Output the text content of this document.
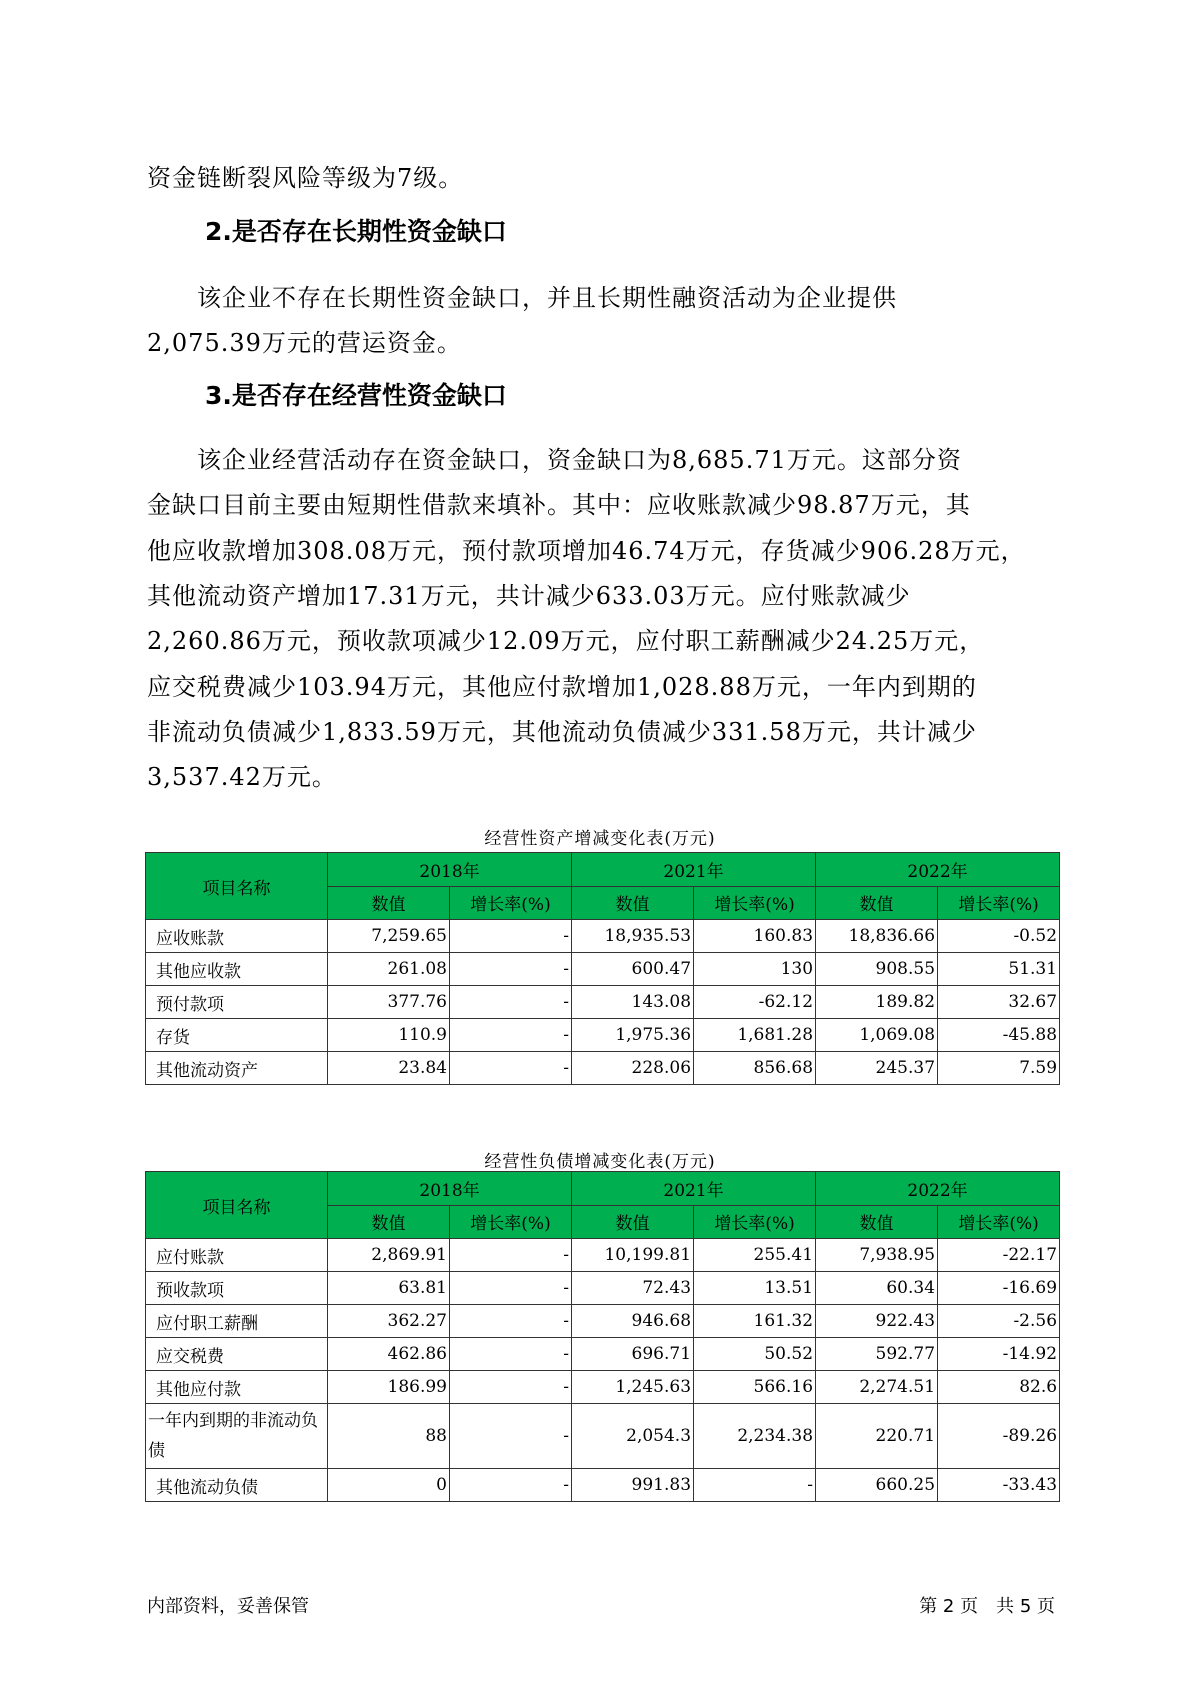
资金链断裂风险等级为7级。
2.是否存在长期性资金缺口
　　该企业不存在长期性资金缺口，并且长期性融资活动为企业提供
2,075.39万元的营运资金。
3.是否存在经营性资金缺口
　　该企业经营活动存在资金缺口，资金缺口为8,685.71万元。这部分资
金缺口目前主要由短期性借款来填补。其中：应收账款减少98.87万元，其
他应收款增加308.08万元，预付款项增加46.74万元，存货减少906.28万元，
其他流动资产增加17.31万元，共计减少633.03万元。应付账款减少
2,260.86万元，预收款项减少12.09万元，应付职工薪酬减少24.25万元，
应交税费减少103.94万元，其他应付款增加1,028.88万元，一年内到期的
非流动负债减少1,833.59万元，其他流动负债减少331.58万元，共计减少
3,537.42万元。
经营性资产增减变化表(万元)
项目名称	2018年		2021年		2022年	
	数值	增长率(%)	数值	增长率(%)	数值	增长率(%)
应收账款	7,259.65	-	18,935.53	160.83	18,836.66	-0.52
其他应收款	261.08	-	600.47	130	908.55	51.31
预付款项	377.76	-	143.08	-62.12	189.82	32.67
存货	110.9	-	1,975.36	1,681.28	1,069.08	-45.88
其他流动资产	23.84	-	228.06	856.68	245.37	7.59
经营性负债增减变化表(万元)
项目名称	2018年		2021年		2022年	
	数值	增长率(%)	数值	增长率(%)	数值	增长率(%)
应付账款	2,869.91	-	10,199.81	255.41	7,938.95	-22.17
预收款项	63.81	-	72.43	13.51	60.34	-16.69
应付职工薪酬	362.27	-	946.68	161.32	922.43	-2.56
应交税费	462.86	-	696.71	50.52	592.77	-14.92
其他应付款	186.99	-	1,245.63	566.16	2,274.51	82.6
一年内到期的非流动负债	88	-	2,054.3	2,234.38	220.71	-89.26
其他流动负债	0	-	991.83	-	660.25	-33.43
内部资料，妥善保管	第 2 页　共 5 页
